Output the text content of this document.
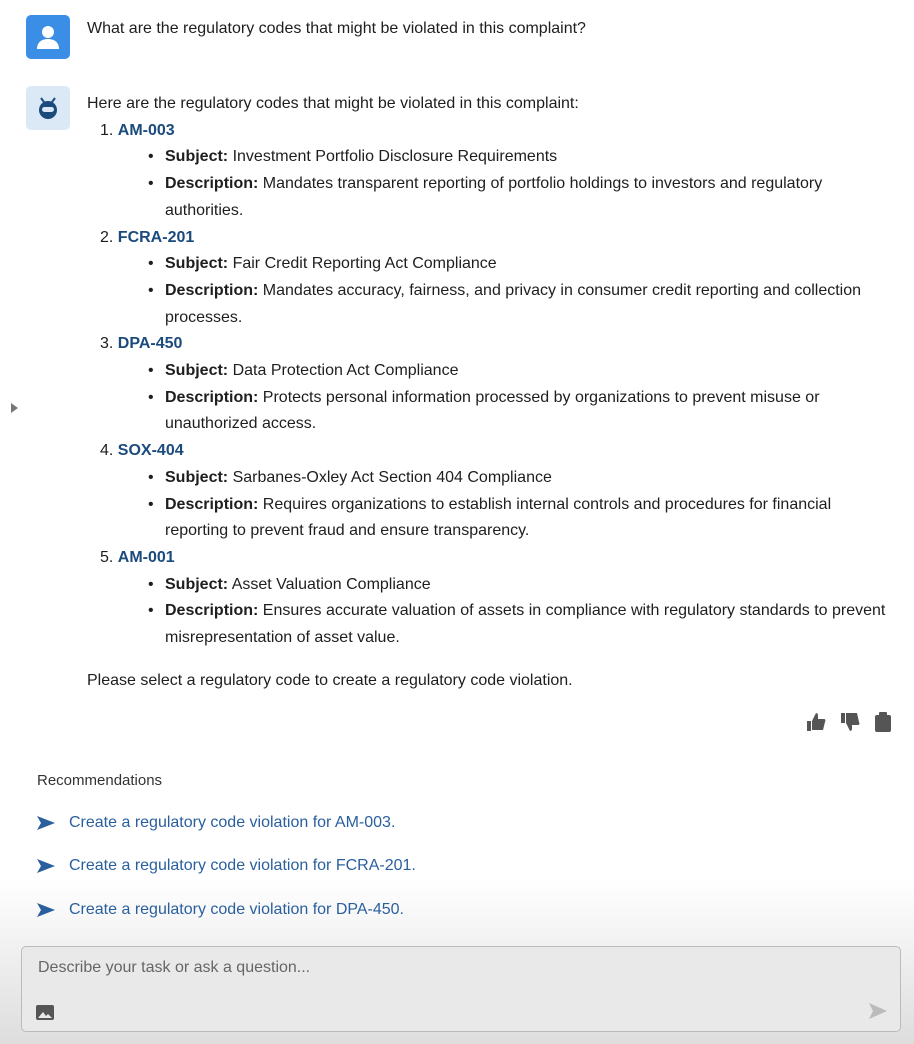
What are the regulatory codes that might be violated in this complaint?
Here are the regulatory codes that might be violated in this complaint:
1. AM-003
• Subject: Investment Portfolio Disclosure Requirements
• Description: Mandates transparent reporting of portfolio holdings to investors and regulatory authorities.
2. FCRA-201
• Subject: Fair Credit Reporting Act Compliance
• Description: Mandates accuracy, fairness, and privacy in consumer credit reporting and collection processes.
3. DPA-450
• Subject: Data Protection Act Compliance
• Description: Protects personal information processed by organizations to prevent misuse or unauthorized access.
4. SOX-404
• Subject: Sarbanes-Oxley Act Section 404 Compliance
• Description: Requires organizations to establish internal controls and procedures for financial reporting to prevent fraud and ensure transparency.
5. AM-001
• Subject: Asset Valuation Compliance
• Description: Ensures accurate valuation of assets in compliance with regulatory standards to prevent misrepresentation of asset value.
Please select a regulatory code to create a regulatory code violation.
Recommendations
Create a regulatory code violation for AM-003.
Create a regulatory code violation for FCRA-201.
Create a regulatory code violation for DPA-450.
Describe your task or ask a question...
